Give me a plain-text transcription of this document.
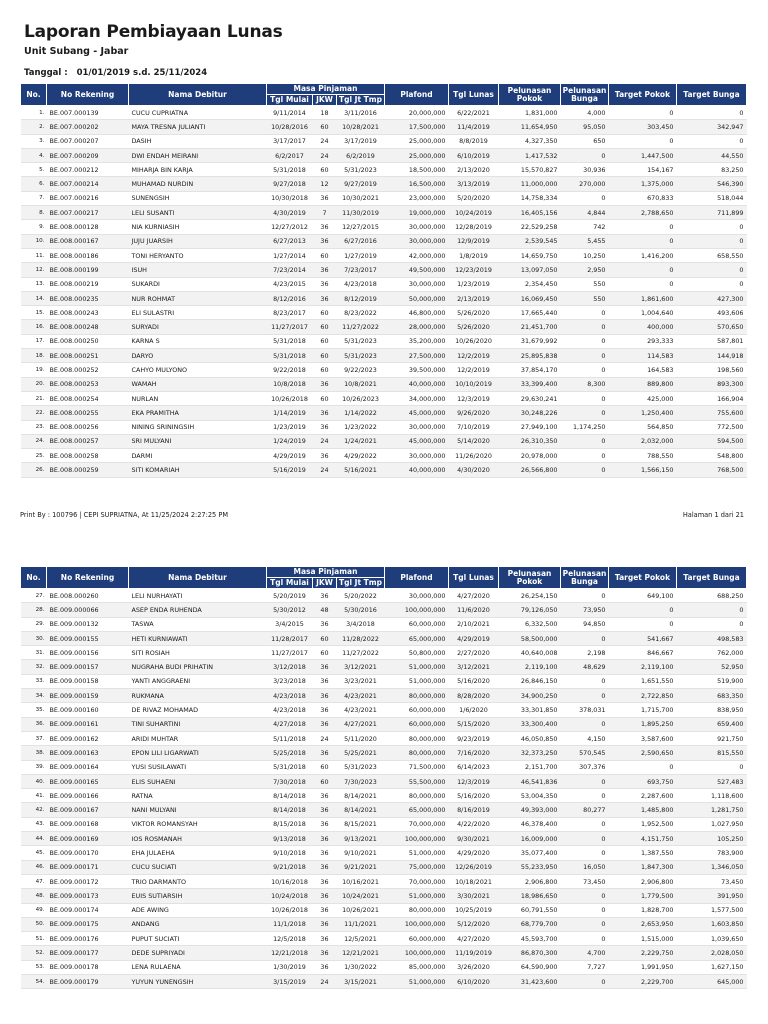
Laporan Pembiayaan Lunas
Unit Subang - Jabar
Tanggal : 01/01/2019 s.d. 25/11/2024
No.	No Rekening	Nama Debitur	Masa Pinjaman			Plafond	Tgl Lunas	Pelunasan Pokok	Pelunasan Bunga	Target Pokok	Target Bunga
			Tgl Mulai	JKW	Tgl Jt Tmp						
1.	BE.007.000139	CUCU CUPRIATNA	9/11/2014	18	3/11/2016	20,000,000	6/22/2021	1,831,000	4,000	0	0
2.	BE.007.000202	MAYA TRESNA JULIANTI	10/28/2016	60	10/28/2021	17,500,000	11/4/2019	11,654,950	95,050	303,450	342,947
3.	BE.007.000207	DASIH	3/17/2017	24	3/17/2019	25,000,000	8/8/2019	4,327,350	650	0	0
4.	BE.007.000209	DWI ENDAH MEIRANI	6/2/2017	24	6/2/2019	25,000,000	6/10/2019	1,417,532	0	1,447,500	44,550
5.	BE.007.000212	MIHARJA BIN KARJA	5/31/2018	60	5/31/2023	18,500,000	2/13/2020	15,570,827	30,936	154,167	83,250
6.	BE.007.000214	MUHAMAD NURDIN	9/27/2018	12	9/27/2019	16,500,000	3/13/2019	11,000,000	270,000	1,375,000	546,390
7.	BE.007.000216	SUNENGSIH	10/30/2018	36	10/30/2021	23,000,000	5/20/2020	14,758,334	0	670,833	518,044
8.	BE.007.000217	LELI SUSANTI	4/30/2019	7	11/30/2019	19,000,000	10/24/2019	16,405,156	4,844	2,788,650	711,899
9.	BE.008.000128	NIA KURNIASIH	12/27/2012	36	12/27/2015	30,000,000	12/28/2019	22,529,258	742	0	0
10.	BE.008.000167	JUJU JUARSIH	6/27/2013	36	6/27/2016	30,000,000	12/9/2019	2,539,545	5,455	0	0
11.	BE.008.000186	TONI HERYANTO	1/27/2014	60	1/27/2019	42,000,000	1/8/2019	14,659,750	10,250	1,416,200	658,550
12.	BE.008.000199	ISUH	7/23/2014	36	7/23/2017	49,500,000	12/23/2019	13,097,050	2,950	0	0
13.	BE.008.000219	SUKARDI	4/23/2015	36	4/23/2018	30,000,000	1/23/2019	2,354,450	550	0	0
14.	BE.008.000235	NUR ROHMAT	8/12/2016	36	8/12/2019	50,000,000	2/13/2019	16,069,450	550	1,861,600	427,300
15.	BE.008.000243	ELI SULASTRI	8/23/2017	60	8/23/2022	46,800,000	5/26/2020	17,665,440	0	1,004,640	493,606
16.	BE.008.000248	SURYADI	11/27/2017	60	11/27/2022	28,000,000	5/26/2020	21,451,700	0	400,000	570,650
17.	BE.008.000250	KARNA S	5/31/2018	60	5/31/2023	35,200,000	10/26/2020	31,679,992	0	293,333	587,801
18.	BE.008.000251	DARYO	5/31/2018	60	5/31/2023	27,500,000	12/2/2019	25,895,838	0	114,583	144,918
19.	BE.008.000252	CAHYO MULYONO	9/22/2018	60	9/22/2023	39,500,000	12/2/2019	37,854,170	0	164,583	198,560
20.	BE.008.000253	WAMAH	10/8/2018	36	10/8/2021	40,000,000	10/10/2019	33,399,400	8,300	889,800	893,300
21.	BE.008.000254	NURLAN	10/26/2018	60	10/26/2023	34,000,000	12/3/2019	29,630,241	0	425,000	166,904
22.	BE.008.000255	EKA PRAMITHA	1/14/2019	36	1/14/2022	45,000,000	9/26/2020	30,248,226	0	1,250,400	755,600
23.	BE.008.000256	NINING SRININGSIH	1/23/2019	36	1/23/2022	30,000,000	7/10/2019	27,949,100	1,174,250	564,850	772,500
24.	BE.008.000257	SRI MULYANI	1/24/2019	24	1/24/2021	45,000,000	5/14/2020	26,310,350	0	2,032,000	594,500
25.	BE.008.000258	DARMI	4/29/2019	36	4/29/2022	30,000,000	11/26/2020	20,978,000	0	788,550	548,800
26.	BE.008.000259	SITI KOMARIAH	5/16/2019	24	5/16/2021	40,000,000	4/30/2020	26,566,800	0	1,566,150	768,500
Print By : 100796 | CEPI SUPRIATNA, At 11/25/2024 2:27:25 PM	Halaman 1 dari 21
No.	No Rekening	Nama Debitur	Masa Pinjaman			Plafond	Tgl Lunas	Pelunasan Pokok	Pelunasan Bunga	Target Pokok	Target Bunga
			Tgl Mulai	JKW	Tgl Jt Tmp						
27.	BE.008.000260	LELI NURHAYATI	5/20/2019	36	5/20/2022	30,000,000	4/27/2020	26,254,150	0	649,100	688,250
28.	BE.009.000066	ASEP ENDA RUHENDA	5/30/2012	48	5/30/2016	100,000,000	11/6/2020	79,126,050	73,950	0	0
29.	BE.009.000132	TASWA	3/4/2015	36	3/4/2018	60,000,000	2/10/2021	6,332,500	94,850	0	0
30.	BE.009.000155	HETI KURNIAWATI	11/28/2017	60	11/28/2022	65,000,000	4/29/2019	58,500,000	0	541,667	498,583
31.	BE.009.000156	SITI ROSIAH	11/27/2017	60	11/27/2022	50,800,000	2/27/2020	40,640,008	2,198	846,667	762,000
32.	BE.009.000157	NUGRAHA BUDI PRIHATIN	3/12/2018	36	3/12/2021	51,000,000	3/12/2021	2,119,100	48,629	2,119,100	52,950
33.	BE.009.000158	YANTI ANGGRAENI	3/23/2018	36	3/23/2021	51,000,000	5/16/2020	26,846,150	0	1,651,550	519,900
34.	BE.009.000159	RUKMANA	4/23/2018	36	4/23/2021	80,000,000	8/28/2020	34,900,250	0	2,722,850	683,350
35.	BE.009.000160	DE RIVAZ MOHAMAD	4/23/2018	36	4/23/2021	60,000,000	1/6/2020	33,301,850	378,031	1,715,700	838,950
36.	BE.009.000161	TINI SUHARTINI	4/27/2018	36	4/27/2021	60,000,000	5/15/2020	33,300,400	0	1,895,250	659,400
37.	BE.009.000162	ARIDI MUHTAR	5/11/2018	24	5/11/2020	80,000,000	9/23/2019	46,050,850	4,150	3,587,600	921,750
38.	BE.009.000163	EPON LILI LIGARWATI	5/25/2018	36	5/25/2021	80,000,000	7/16/2020	32,373,250	570,545	2,590,650	815,550
39.	BE.009.000164	YUSI SUSILAWATI	5/31/2018	60	5/31/2023	71,500,000	6/14/2023	2,151,700	307,376	0	0
40.	BE.009.000165	ELIS SUHAENI	7/30/2018	60	7/30/2023	55,500,000	12/3/2019	46,541,836	0	693,750	527,483
41.	BE.009.000166	RATNA	8/14/2018	36	8/14/2021	80,000,000	5/16/2020	53,004,350	0	2,287,600	1,118,600
42.	BE.009.000167	NANI MULYANI	8/14/2018	36	8/14/2021	65,000,000	8/16/2019	49,393,000	80,277	1,485,800	1,281,750
43.	BE.009.000168	VIKTOR ROMANSYAH	8/15/2018	36	8/15/2021	70,000,000	4/22/2020	46,378,400	0	1,952,500	1,027,950
44.	BE.009.000169	IOS ROSMANAH	9/13/2018	36	9/13/2021	100,000,000	9/30/2021	16,009,000	0	4,151,750	105,250
45.	BE.009.000170	EHA JULAEHA	9/10/2018	36	9/10/2021	51,000,000	4/29/2020	35,077,400	0	1,387,550	783,900
46.	BE.009.000171	CUCU SUCIATI	9/21/2018	36	9/21/2021	75,000,000	12/26/2019	55,233,950	16,050	1,847,300	1,346,050
47.	BE.009.000172	TRIO DARMANTO	10/16/2018	36	10/16/2021	70,000,000	10/18/2021	2,906,800	73,450	2,906,800	73,450
48.	BE.009.000173	EUIS SUTIARSIH	10/24/2018	36	10/24/2021	51,000,000	3/30/2021	18,986,650	0	1,779,500	391,950
49.	BE.009.000174	ADE AWING	10/26/2018	36	10/26/2021	80,000,000	10/25/2019	60,791,550	0	1,828,700	1,577,500
50.	BE.009.000175	ANDANG	11/1/2018	36	11/1/2021	100,000,000	5/12/2020	68,779,700	0	2,653,950	1,603,850
51.	BE.009.000176	PUPUT SUCIATI	12/5/2018	36	12/5/2021	60,000,000	4/27/2020	45,593,700	0	1,515,000	1,039,650
52.	BE.009.000177	DEDE SUPRIYADI	12/21/2018	36	12/21/2021	100,000,000	11/19/2019	86,870,300	4,700	2,229,750	2,028,050
53.	BE.009.000178	LENA RULAENA	1/30/2019	36	1/30/2022	85,000,000	3/26/2020	64,590,900	7,727	1,991,950	1,627,150
54.	BE.009.000179	YUYUN YUNENGSIH	3/15/2019	24	3/15/2021	51,000,000	6/10/2020	31,423,600	0	2,229,700	645,000
